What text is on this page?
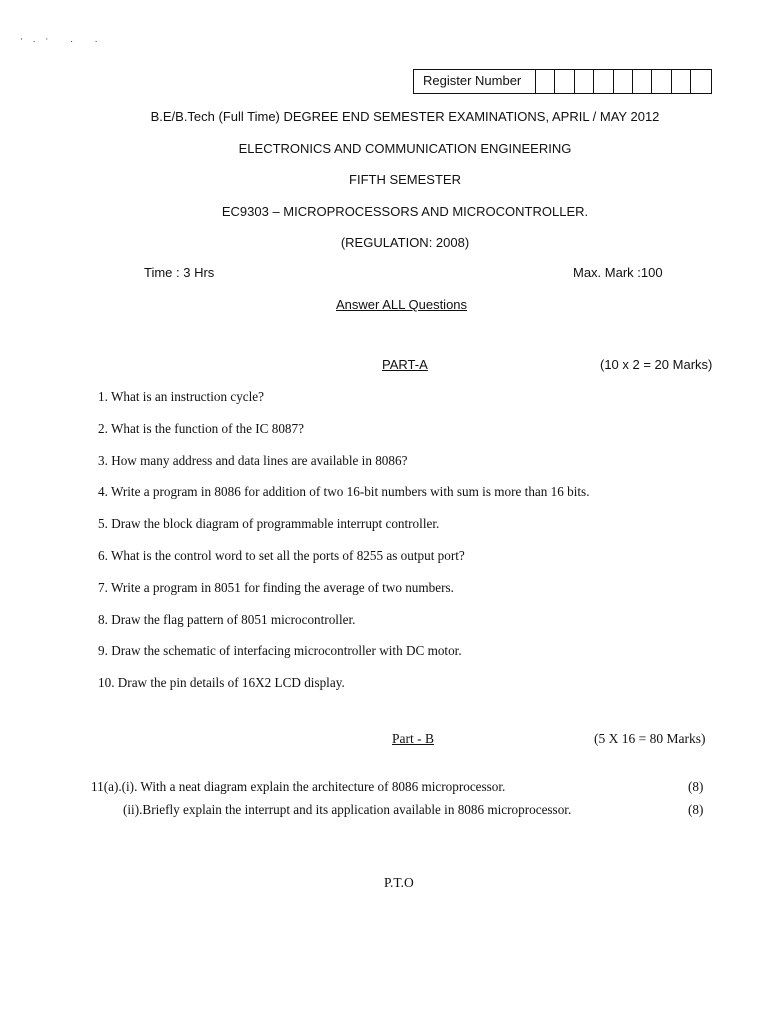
·.· . .
Register Number
B.E/B.Tech (Full Time) DEGREE END SEMESTER EXAMINATIONS, APRIL / MAY 2012
ELECTRONICS AND COMMUNICATION ENGINEERING
FIFTH SEMESTER
EC9303 – MICROPROCESSORS AND MICROCONTROLLER.
(REGULATION: 2008)
Time : 3 Hrs	Max. Mark :100
Answer ALL Questions
PART-A	(10 x 2 = 20 Marks)
1. What is an instruction cycle?
2. What is the function of the IC 8087?
3. How many address and data lines are available in 8086?
4. Write a program in 8086 for addition of two 16-bit numbers with sum is more than 16 bits.
5. Draw the block diagram of programmable interrupt controller.
6. What is the control word to set all the ports of 8255 as output port?
7. Write a program in 8051 for finding the average of two numbers.
8. Draw the flag pattern of 8051 microcontroller.
9. Draw the schematic of interfacing microcontroller with DC motor.
10. Draw the pin details of 16X2 LCD display.
Part - B	(5 X 16 = 80 Marks)
11(a).(i). With a neat diagram explain the architecture of 8086 microprocessor.	(8)
(ii).Briefly explain the interrupt and its application available in 8086 microprocessor.	(8)
P.T.O
